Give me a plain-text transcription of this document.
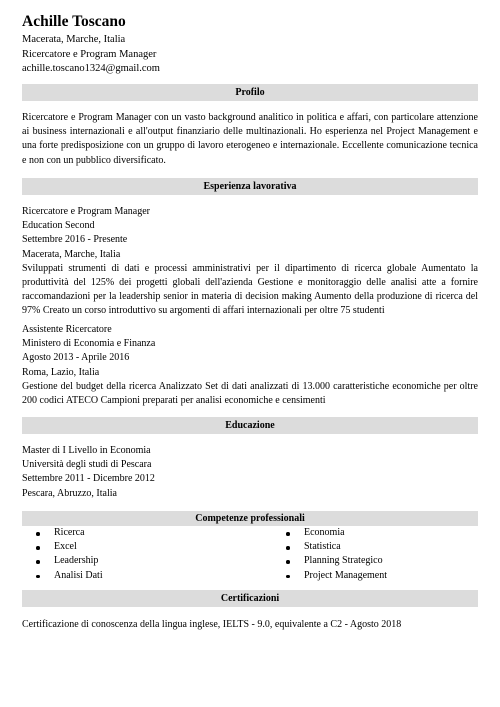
Achille Toscano
Macerata, Marche, Italia
Ricercatore e Program Manager
achille.toscano1324@gmail.com
Profilo

Ricercatore e Program Manager con un vasto background analitico in politica e affari, con particolare attenzione ai business internazionali e all'output finanziario delle multinazionali. Ho esperienza nel Project Management e una forte predisposizione con un gruppo di lavoro eterogeneo e internazionale. Eccellente comunicazione tecnica e non con un pubblico diversificato.

Esperienza lavorativa
Ricercatore e Program Manager
Education Second
Settembre 2016 - Presente
Macerata, Marche, Italia

Sviluppati strumenti di dati e processi amministrativi per il dipartimento di ricerca globale Aumentato la produttività del 125% dei progetti globali dell'azienda Gestione e monitoraggio delle analisi atte a fornire raccomandazioni per la leadership senior in materia di decision making Aumento della produzione di ricerca del 97% Creato un corso introduttivo su argomenti di affari internazionali per oltre 75 studenti

Assistente Ricercatore
Ministero di Economia e Finanza
Agosto 2013 - Aprile 2016
Roma, Lazio, Italia

Gestione del budget della ricerca Analizzato Set di dati analizzati di 13.000 caratteristiche economiche per oltre 200 codici ATECO Campioni preparati per analisi economiche e censimenti

Educazione
Master di I Livello in Economia
Università degli studi di Pescara
Settembre 2011 - Dicembre 2012
Pescara, Abruzzo, Italia
Competenze professionali
Ricerca
Excel
Leadership
Analisi Dati
Economia
Statistica
Planning Strategico
Project Management
Certificazioni
Certificazione di conoscenza della lingua inglese, IELTS - 9.0, equivalente a C2 - Agosto 2018
